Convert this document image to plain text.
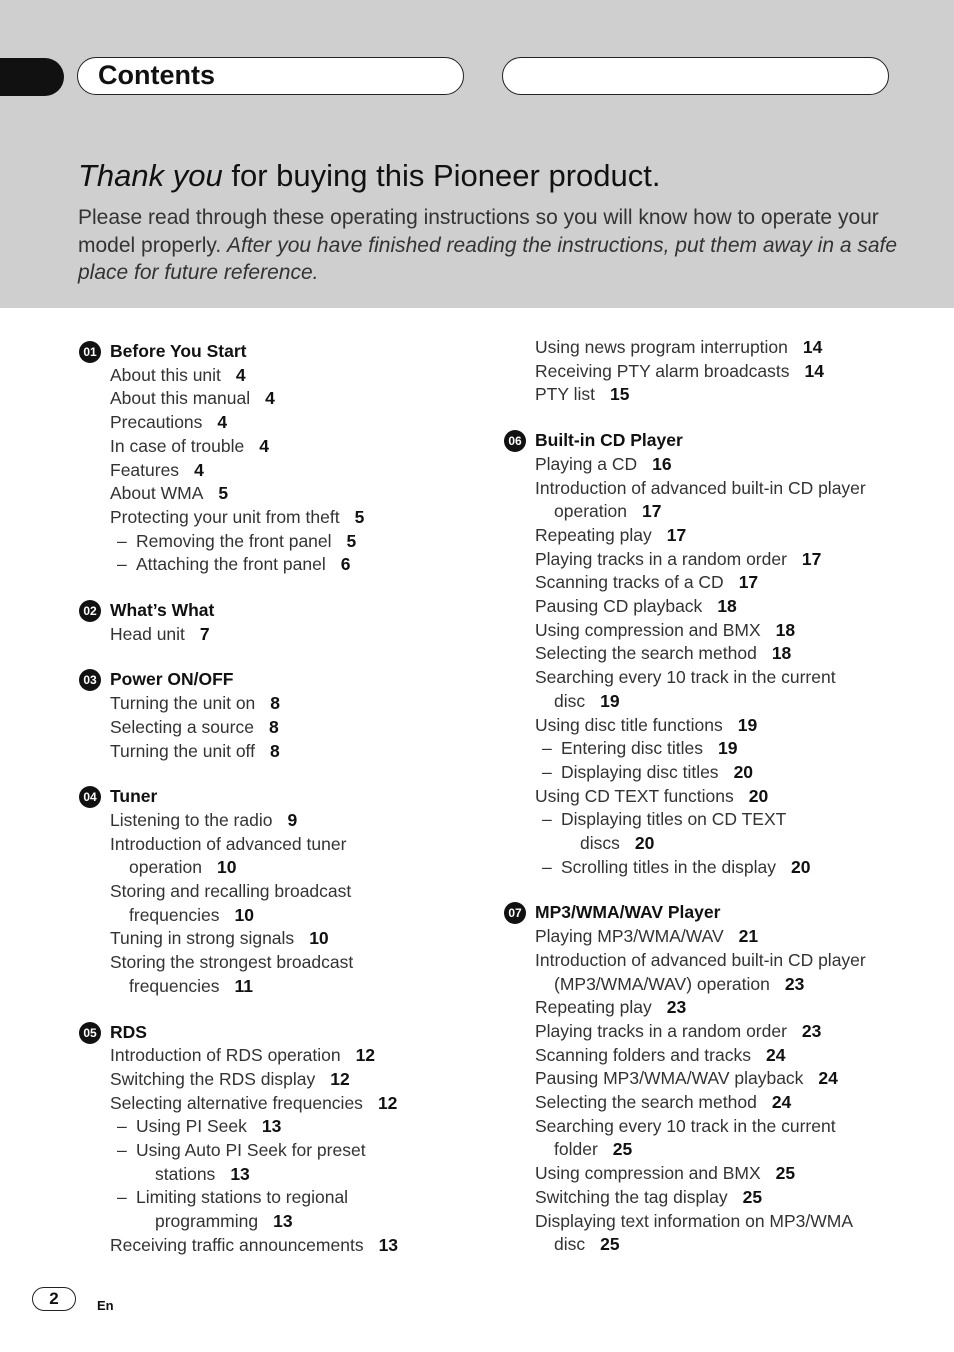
Contents
Thank you for buying this Pioneer product.

Please read through these operating instructions so you will know how to operate your model properly. After you have finished reading the instructions, put them away in a safe place for future reference.

01 Before You Start
About this unit 4
About this manual 4
Precautions 4
In case of trouble 4
Features 4
About WMA 5
Protecting your unit from theft 5
– Removing the front panel 5
– Attaching the front panel 6
02 What’s What
Head unit 7
03 Power ON/OFF
Turning the unit on 8
Selecting a source 8
Turning the unit off 8
04 Tuner
Listening to the radio 9
Introduction of advanced tuner
operation 10
Storing and recalling broadcast
frequencies 10
Tuning in strong signals 10
Storing the strongest broadcast
frequencies 11
05 RDS
Introduction of RDS operation 12
Switching the RDS display 12
Selecting alternative frequencies 12
– Using PI Seek 13
– Using Auto PI Seek for preset
stations 13
– Limiting stations to regional
programming 13
Receiving traffic announcements 13
Using news program interruption 14
Receiving PTY alarm broadcasts 14
PTY list 15
06 Built-in CD Player
Playing a CD 16
Introduction of advanced built-in CD player
operation 17
Repeating play 17
Playing tracks in a random order 17
Scanning tracks of a CD 17
Pausing CD playback 18
Using compression and BMX 18
Selecting the search method 18
Searching every 10 track in the current
disc 19
Using disc title functions 19
– Entering disc titles 19
– Displaying disc titles 20
Using CD TEXT functions 20
– Displaying titles on CD TEXT
discs 20
– Scrolling titles in the display 20
07 MP3/WMA/WAV Player
Playing MP3/WMA/WAV 21
Introduction of advanced built-in CD player
(MP3/WMA/WAV) operation 23
Repeating play 23
Playing tracks in a random order 23
Scanning folders and tracks 24
Pausing MP3/WMA/WAV playback 24
Selecting the search method 24
Searching every 10 track in the current
folder 25
Using compression and BMX 25
Switching the tag display 25
Displaying text information on MP3/WMA
disc 25
2	En
